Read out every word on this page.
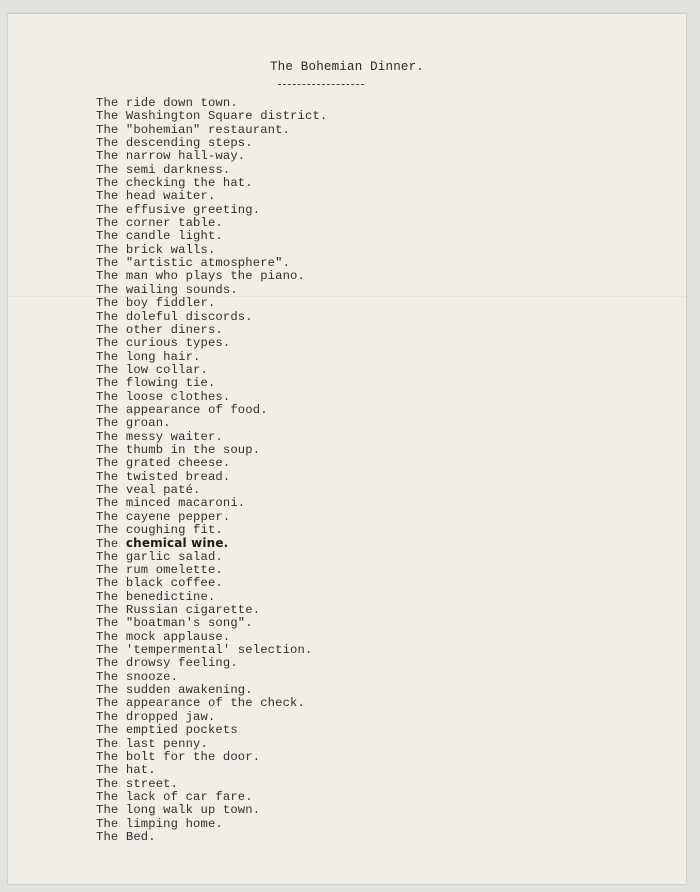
The Bohemian Dinner.
The ride down town.
The Washington Square district.
The "bohemian" restaurant.
The descending steps.
The narrow hall-way.
The semi darkness.
The checking the hat.
The head waiter.
The effusive greeting.
The corner table.
The candle light.
The brick walls.
The "artistic atmosphere".
The man who plays the piano.
The wailing sounds.
The boy fiddler.
The doleful discords.
The other diners.
The curious types.
The long hair.
The low collar.
The flowing tie.
The loose clothes.
The appearance of food.
The groan.
The messy waiter.
The thumb in the soup.
The grated cheese.
The twisted bread.
The veal paté.
The minced macaroni.
The cayene pepper.
The coughing fit.
The chemical wine.
The garlic salad.
The rum omelette.
The black coffee.
The benedictine.
The Russian cigarette.
The "boatman's song".
The mock applause.
The 'tempermental' selection.
The drowsy feeling.
The snooze.
The sudden awakening.
The appearance of the check.
The dropped jaw.
The emptied pockets
The last penny.
The bolt for the door.
The hat.
The street.
The lack of car fare.
The long walk up town.
The limping home.
The Bed.
